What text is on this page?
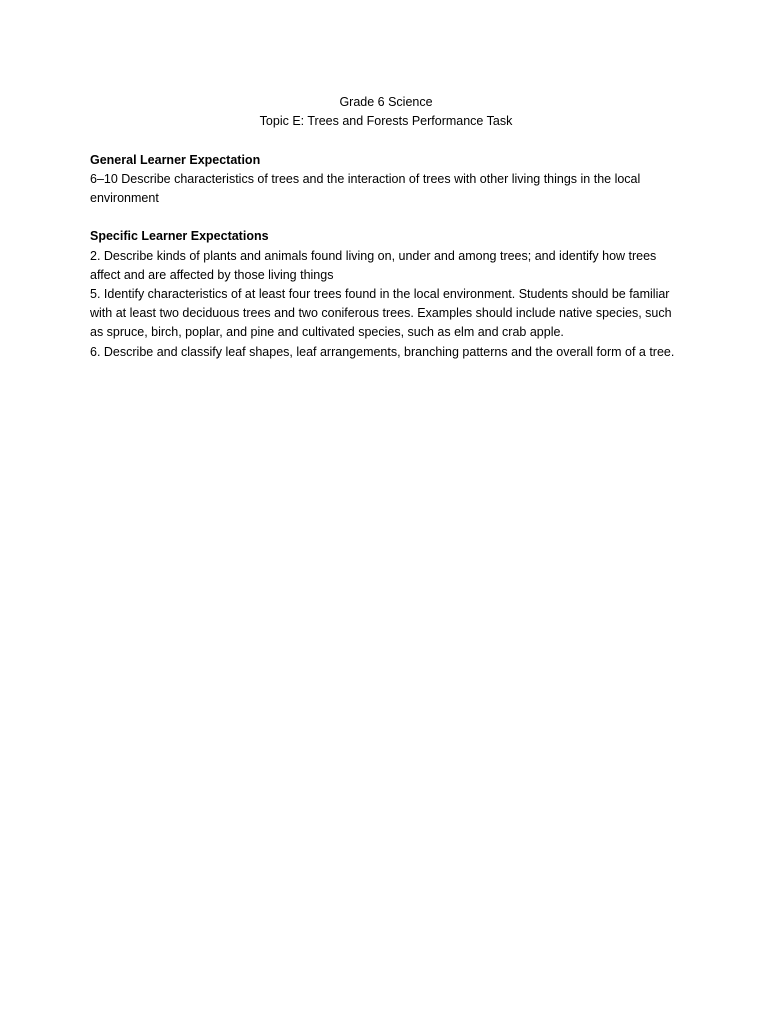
Grade 6 Science

Topic E: Trees and Forests Performance Task

General Learner Expectation

6–10 Describe characteristics of trees and the interaction of trees with other living things in the local environment

Specific Learner Expectations

2. Describe kinds of plants and animals found living on, under and among trees; and identify how trees affect and are affected by those living things

5. Identify characteristics of at least four trees found in the local environment. Students should be familiar with at least two deciduous trees and two coniferous trees. Examples should include native species, such as spruce, birch, poplar, and pine and cultivated species, such as elm and crab apple.

6. Describe and classify leaf shapes, leaf arrangements, branching patterns and the overall form of a tree.
